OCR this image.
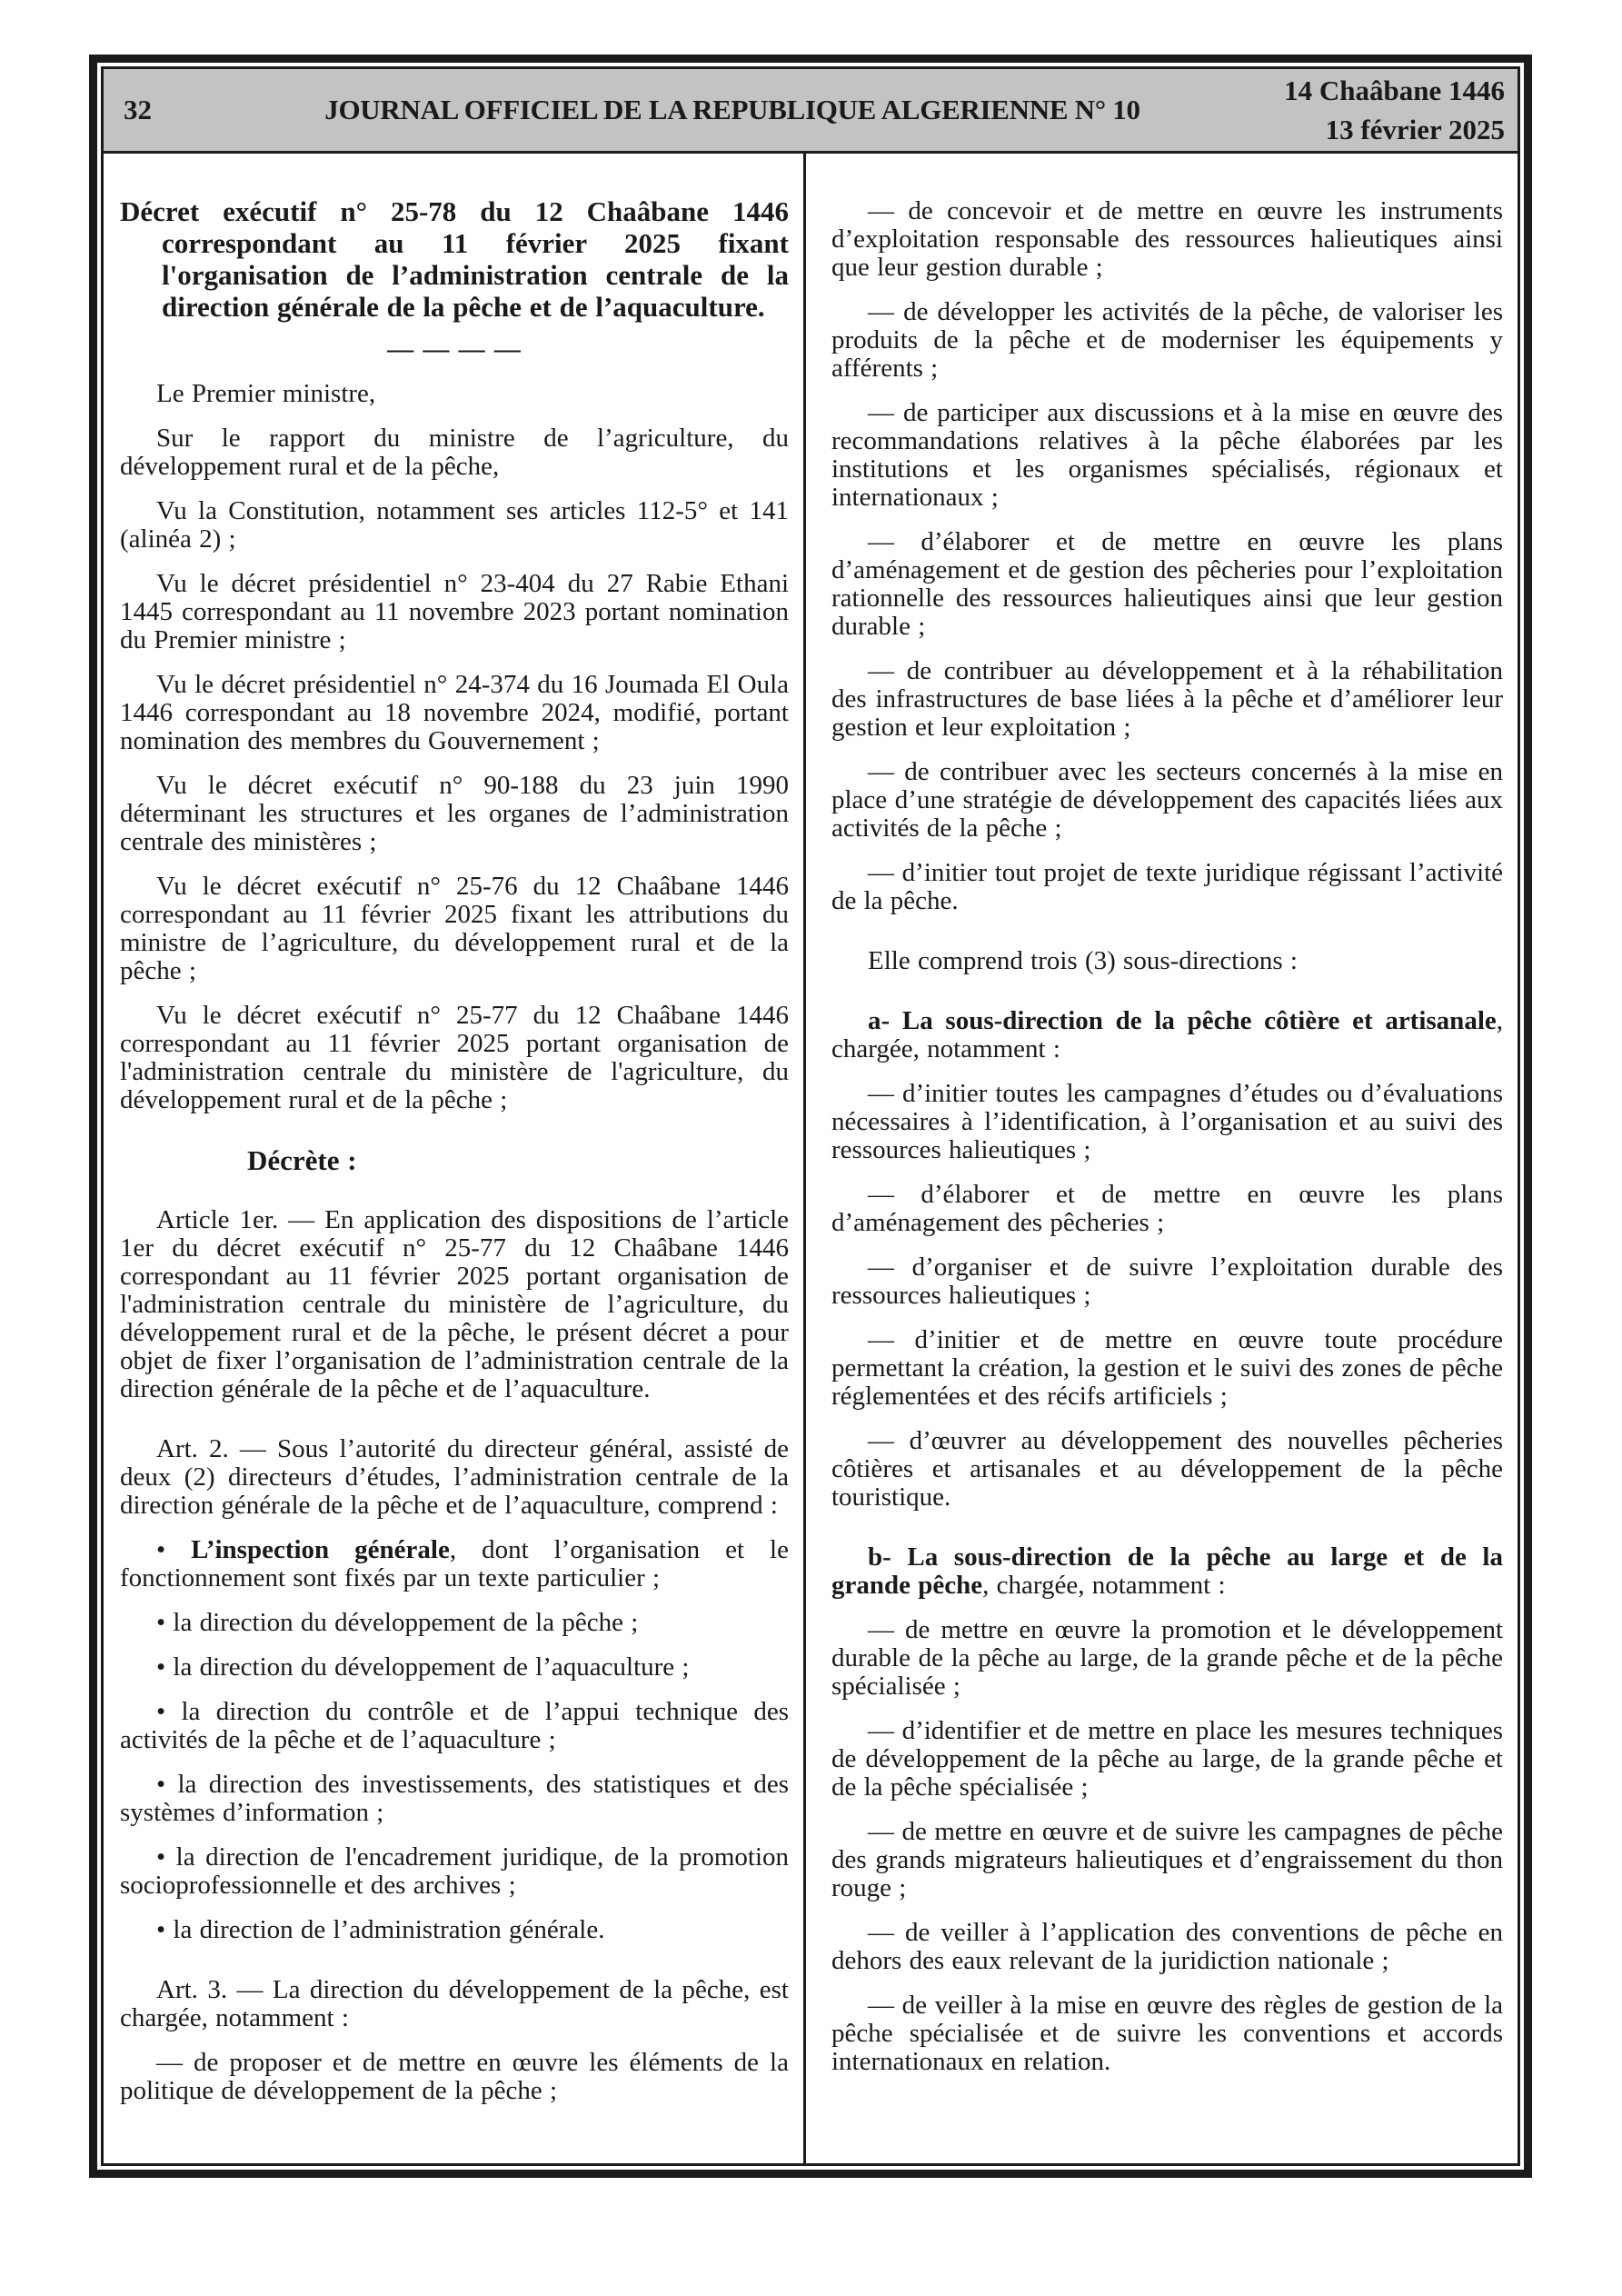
32	JOURNAL OFFICIEL DE LA REPUBLIQUE ALGERIENNE N° 10
14 Chaâbane 1446
13 février 2025

Décret exécutif n° 25-78 du 12 Chaâbane 1446 correspondant au 11 février 2025 fixant l'organisation de l’administration centrale de la direction générale de la pêche et de l’aquaculture.

— — — —

Le Premier ministre,

Sur le rapport du ministre de l’agriculture, du développement rural et de la pêche,

Vu la Constitution, notamment ses articles 112-5° et 141 (alinéa 2) ;

Vu le décret présidentiel n° 23-404 du 27 Rabie Ethani 1445 correspondant au 11 novembre 2023 portant nomination du Premier ministre ;

Vu le décret présidentiel n° 24-374 du 16 Joumada El Oula 1446 correspondant au 18 novembre 2024, modifié, portant nomination des membres du Gouvernement ;

Vu le décret exécutif n° 90-188 du 23 juin 1990 déterminant les structures et les organes de l’administration centrale des ministères ;

Vu le décret exécutif n° 25-76 du 12 Chaâbane 1446 correspondant au 11 février 2025 fixant les attributions du ministre de l’agriculture, du développement rural et de la pêche ;

Vu le décret exécutif n° 25-77 du 12 Chaâbane 1446 correspondant au 11 février 2025 portant organisation de l'administration centrale du ministère de l'agriculture, du développement rural et de la pêche ;

Décrète :

Article 1er. — En application des dispositions de l’article 1er du décret exécutif n° 25-77 du 12 Chaâbane 1446 correspondant au 11 février 2025 portant organisation de l'administration centrale du ministère de l’agriculture, du développement rural et de la pêche, le présent décret a pour objet de fixer l’organisation de l’administration centrale de la direction générale de la pêche et de l’aquaculture.

Art. 2. — Sous l’autorité du directeur général, assisté de deux (2) directeurs d’études, l’administration centrale de la direction générale de la pêche et de l’aquaculture, comprend :

• L’inspection générale, dont l’organisation et le fonctionnement sont fixés par un texte particulier ;

• la direction du développement de la pêche ;

• la direction du développement de l’aquaculture ;

• la direction du contrôle et de l’appui technique des activités de la pêche et de l’aquaculture ;

• la direction des investissements, des statistiques et des systèmes d’information ;

• la direction de l'encadrement juridique, de la promotion socioprofessionnelle et des archives ;

• la direction de l’administration générale.

Art. 3. — La direction du développement de la pêche, est chargée, notamment :

— de proposer et de mettre en œuvre les éléments de la politique de développement de la pêche ;

— de concevoir et de mettre en œuvre les instruments d’exploitation responsable des ressources halieutiques ainsi que leur gestion durable ;

— de développer les activités de la pêche, de valoriser les produits de la pêche et de moderniser les équipements y afférents ;

— de participer aux discussions et à la mise en œuvre des recommandations relatives à la pêche élaborées par les institutions et les organismes spécialisés, régionaux et internationaux ;

— d’élaborer et de mettre en œuvre les plans d’aménagement et de gestion des pêcheries pour l’exploitation rationnelle des ressources halieutiques ainsi que leur gestion durable ;

— de contribuer au développement et à la réhabilitation des infrastructures de base liées à la pêche et d’améliorer leur gestion et leur exploitation ;

— de contribuer avec les secteurs concernés à la mise en place d’une stratégie de développement des capacités liées aux activités de la pêche ;

— d’initier tout projet de texte juridique régissant l’activité de la pêche.

Elle comprend trois (3) sous-directions :

a- La sous-direction de la pêche côtière et artisanale, chargée, notamment :

— d’initier toutes les campagnes d’études ou d’évaluations nécessaires à l’identification, à l’organisation et au suivi des ressources halieutiques ;

— d’élaborer et de mettre en œuvre les plans d’aménagement des pêcheries ;

— d’organiser et de suivre l’exploitation durable des ressources halieutiques ;

— d’initier et de mettre en œuvre toute procédure permettant la création, la gestion et le suivi des zones de pêche réglementées et des récifs artificiels ;

— d’œuvrer au développement des nouvelles pêcheries côtières et artisanales et au développement de la pêche touristique.

b- La sous-direction de la pêche au large et de la grande pêche, chargée, notamment :

— de mettre en œuvre la promotion et le développement durable de la pêche au large, de la grande pêche et de la pêche spécialisée ;

— d’identifier et de mettre en place les mesures techniques de développement de la pêche au large, de la grande pêche et de la pêche spécialisée ;

— de mettre en œuvre et de suivre les campagnes de pêche des grands migrateurs halieutiques et d’engraissement du thon rouge ;

— de veiller à l’application des conventions de pêche en dehors des eaux relevant de la juridiction nationale ;

— de veiller à la mise en œuvre des règles de gestion de la pêche spécialisée et de suivre les conventions et accords internationaux en relation.
